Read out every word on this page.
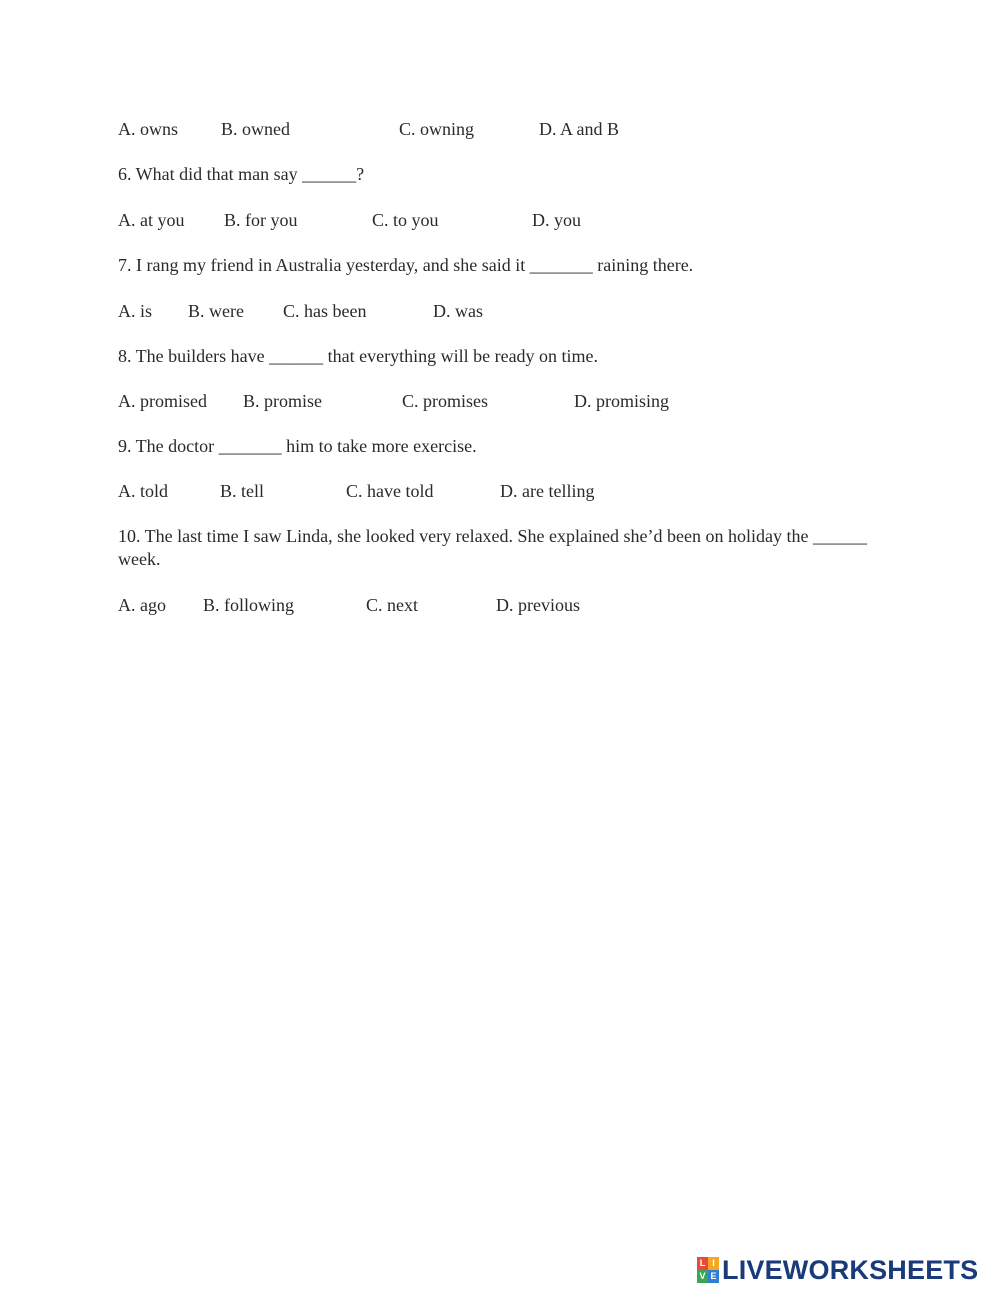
A. owns B. owned	C. owning	D. A and B
6. What did that man say ______?
A. at you B. for you	C. to you	D. you
7. I rang my friend in Australia yesterday, and she said it _______ raining there.
A. is B. were C. has been	D. was
8. The builders have ______ that everything will be ready on time.
A. promised B. promise	C. promises	D. promising
9. The doctor _______ him to take more exercise.
A. told	B. tell	C. have told	D. are telling
10. The last time I saw Linda, she looked very relaxed. She explained she’d been on holiday the ______ week.
A. ago B. following	C. next	D. previous
L I
V E LIVEWORKSHEETS
